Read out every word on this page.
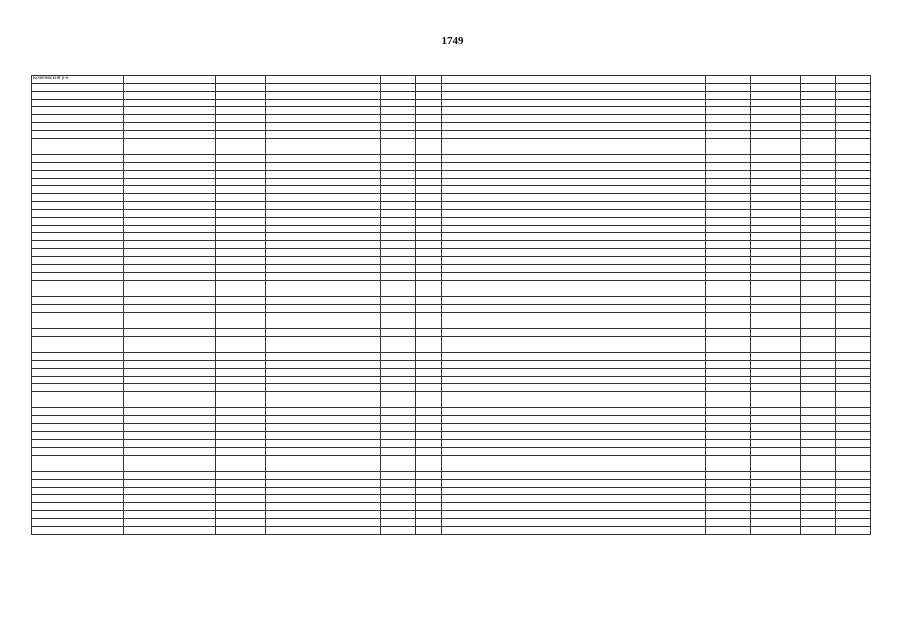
1749
Коченевский р-н										
